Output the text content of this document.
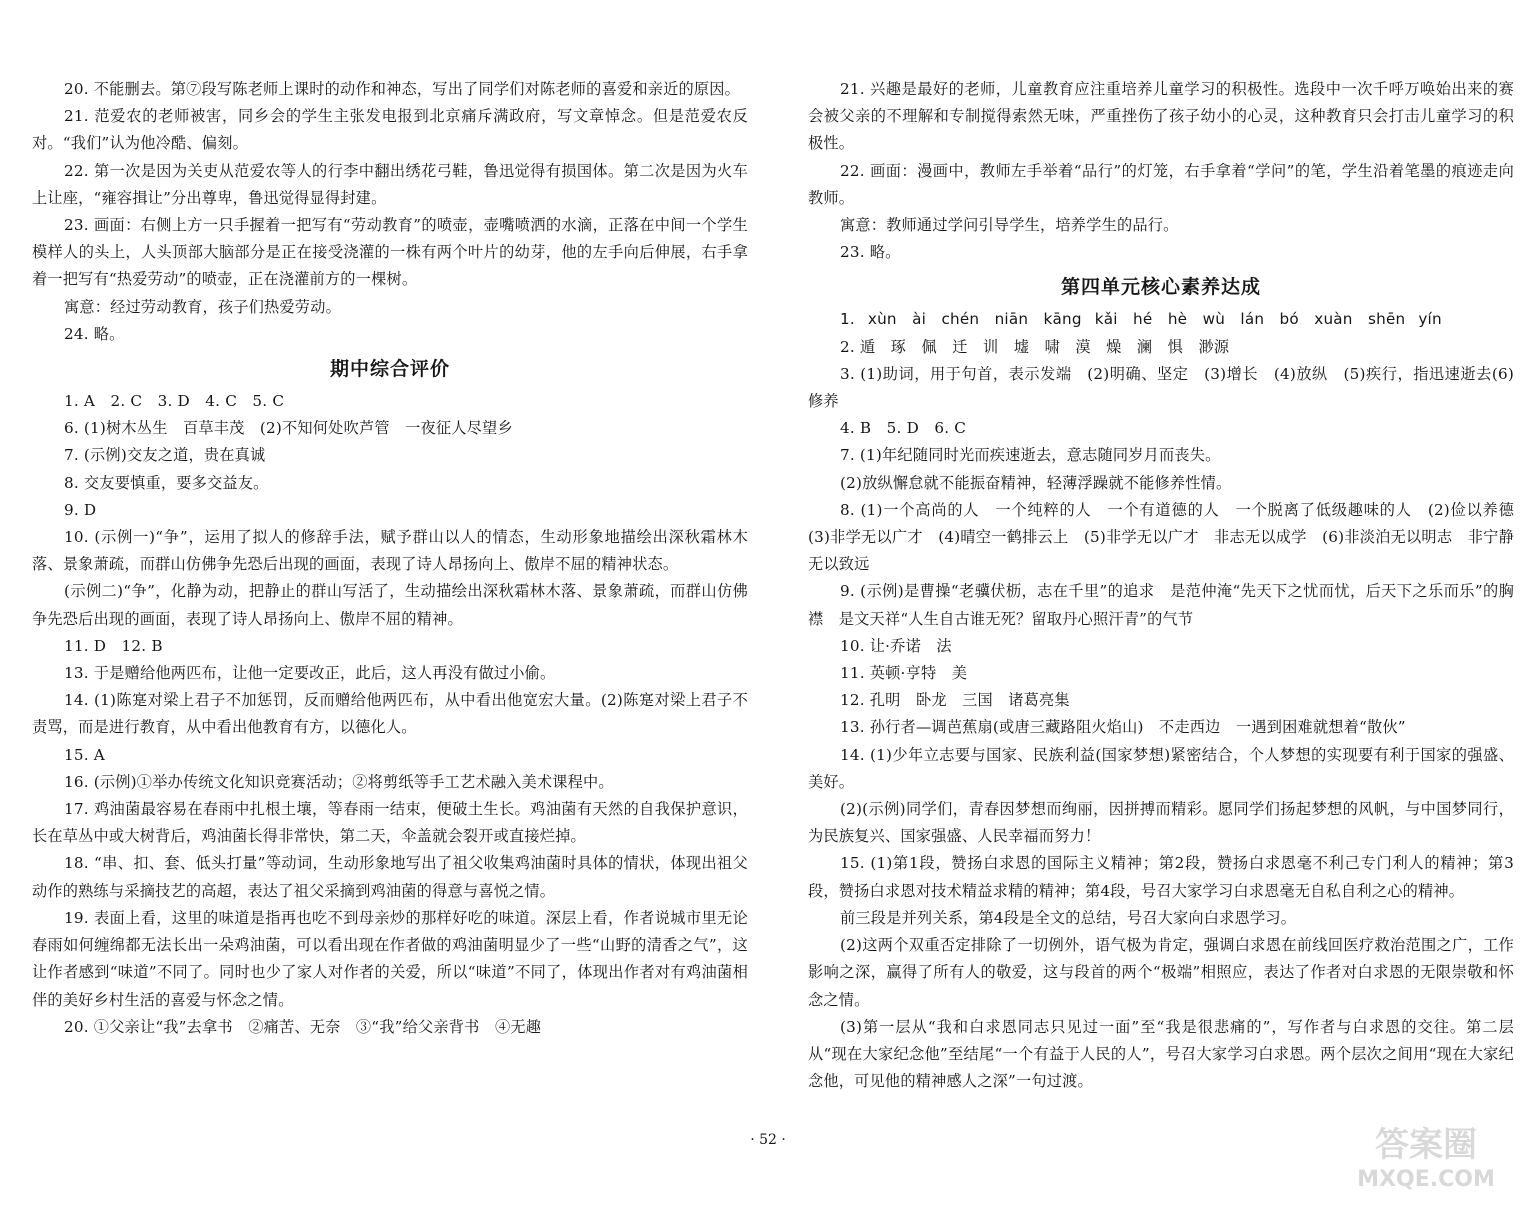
20. 不能删去。第⑦段写陈老师上课时的动作和神态，写出了同学们对陈老师的喜爱和亲近的原因。

21. 范爱农的老师被害，同乡会的学生主张发电报到北京痛斥满政府，写文章悼念。但是范爱农反对。“我们”认为他冷酷、偏刻。

22. 第一次是因为关吏从范爱农等人的行李中翻出绣花弓鞋，鲁迅觉得有损国体。第二次是因为火车上让座，“雍容揖让”分出尊卑，鲁迅觉得显得封建。

23. 画面：右侧上方一只手握着一把写有“劳动教育”的喷壶，壶嘴喷洒的水滴，正落在中间一个学生模样人的头上，人头顶部大脑部分是正在接受浇灌的一株有两个叶片的幼芽，他的左手向后伸展，右手拿着一把写有“热爱劳动”的喷壶，正在浇灌前方的一棵树。

寓意：经过劳动教育，孩子们热爱劳动。

24. 略。

期中综合评价

1. A　2. C　3. D　4. C　5. C

6. (1)树木丛生　百草丰茂　(2)不知何处吹芦管　一夜征人尽望乡

7. (示例)交友之道，贵在真诚

8. 交友要慎重，要多交益友。

9. D

10. (示例一)“争”，运用了拟人的修辞手法，赋予群山以人的情态，生动形象地描绘出深秋霜林木落、景象萧疏，而群山仿佛争先恐后出现的画面，表现了诗人昂扬向上、傲岸不屈的精神状态。

(示例二)“争”，化静为动，把静止的群山写活了，生动描绘出深秋霜林木落、景象萧疏，而群山仿佛争先恐后出现的画面，表现了诗人昂扬向上、傲岸不屈的精神。

11. D　12. B

13. 于是赠给他两匹布，让他一定要改正，此后，这人再没有做过小偷。

14. (1)陈寔对梁上君子不加惩罚，反而赠给他两匹布，从中看出他宽宏大量。(2)陈寔对梁上君子不责骂，而是进行教育，从中看出他教育有方，以德化人。

15. A

16. (示例)①举办传统文化知识竞赛活动；②将剪纸等手工艺术融入美术课程中。

17. 鸡油菌最容易在春雨中扎根土壤，等春雨一结束，便破土生长。鸡油菌有天然的自我保护意识，长在草丛中或大树背后，鸡油菌长得非常快，第二天，伞盖就会裂开或直接烂掉。

18. “串、扣、套、低头打量”等动词，生动形象地写出了祖父收集鸡油菌时具体的情状，体现出祖父动作的熟练与采摘技艺的高超，表达了祖父采摘到鸡油菌的得意与喜悦之情。

19. 表面上看，这里的味道是指再也吃不到母亲炒的那样好吃的味道。深层上看，作者说城市里无论春雨如何缠绵都无法长出一朵鸡油菌，可以看出现在作者做的鸡油菌明显少了一些“山野的清香之气”，这让作者感到“味道”不同了。同时也少了家人对作者的关爱，所以“味道”不同了，体现出作者对有鸡油菌相伴的美好乡村生活的喜爱与怀念之情。

20. ①父亲让“我”去拿书　②痛苦、无奈　③“我”给父亲背书　④无趣

21. 兴趣是最好的老师，儿童教育应注重培养儿童学习的积极性。选段中一次千呼万唤始出来的赛会被父亲的不理解和专制搅得索然无味，严重挫伤了孩子幼小的心灵，这种教育只会打击儿童学习的积极性。

22. 画面：漫画中，教师左手举着“品行”的灯笼，右手拿着“学问”的笔，学生沿着笔墨的痕迹走向教师。

寓意：教师通过学问引导学生，培养学生的品行。

23. 略。

第四单元核心素养达成

1. xùn　ài　chén　niān　kāng kǎi　hé　hè　wù　lán　bó　xuàn　shēn yín

2. 遁　琢　佩　迁　训　墟　啸　漠　燥　澜　惧　渺源

3. (1)助词，用于句首，表示发端　(2)明确、坚定　(3)增长　(4)放纵　(5)疾行，指迅速逝去(6)修养

4. B　5. D　6. C

7. (1)年纪随同时光而疾速逝去，意志随同岁月而丧失。

(2)放纵懈怠就不能振奋精神，轻薄浮躁就不能修养性情。

8. (1)一个高尚的人　一个纯粹的人　一个有道德的人　一个脱离了低级趣味的人　(2)俭以养德　(3)非学无以广才　(4)晴空一鹤排云上　(5)非学无以广才　非志无以成学　(6)非淡泊无以明志　非宁静无以致远

9. (示例)是曹操“老骥伏枥，志在千里”的追求　是范仲淹“先天下之忧而忧，后天下之乐而乐”的胸襟　是文天祥“人生自古谁无死？留取丹心照汗青”的气节

10. 让·乔诺　法

11. 英顿·亨特　美

12. 孔明　卧龙　三国　诸葛亮集

13. 孙行者—调芭蕉扇(或唐三藏路阻火焰山)　不走西边　一遇到困难就想着“散伙”

14. (1)少年立志要与国家、民族利益(国家梦想)紧密结合，个人梦想的实现要有利于国家的强盛、美好。

(2)(示例)同学们，青春因梦想而绚丽，因拼搏而精彩。愿同学们扬起梦想的风帆，与中国梦同行，为民族复兴、国家强盛、人民幸福而努力！

15. (1)第1段，赞扬白求恩的国际主义精神；第2段，赞扬白求恩毫不利己专门利人的精神；第3段，赞扬白求恩对技术精益求精的精神；第4段，号召大家学习白求恩毫无自私自利之心的精神。

前三段是并列关系，第4段是全文的总结，号召大家向白求恩学习。

(2)这两个双重否定排除了一切例外，语气极为肯定，强调白求恩在前线回医疗救治范围之广，工作影响之深，赢得了所有人的敬爱，这与段首的两个“极端”相照应，表达了作者对白求恩的无限崇敬和怀念之情。

(3)第一层从“我和白求恩同志只见过一面”至“我是很悲痛的”，写作者与白求恩的交往。第二层从“现在大家纪念他”至结尾“一个有益于人民的人”，号召大家学习白求恩。两个层次之间用“现在大家纪念他，可见他的精神感人之深”一句过渡。

· 52 ·	答案圈
MXQE.COM
